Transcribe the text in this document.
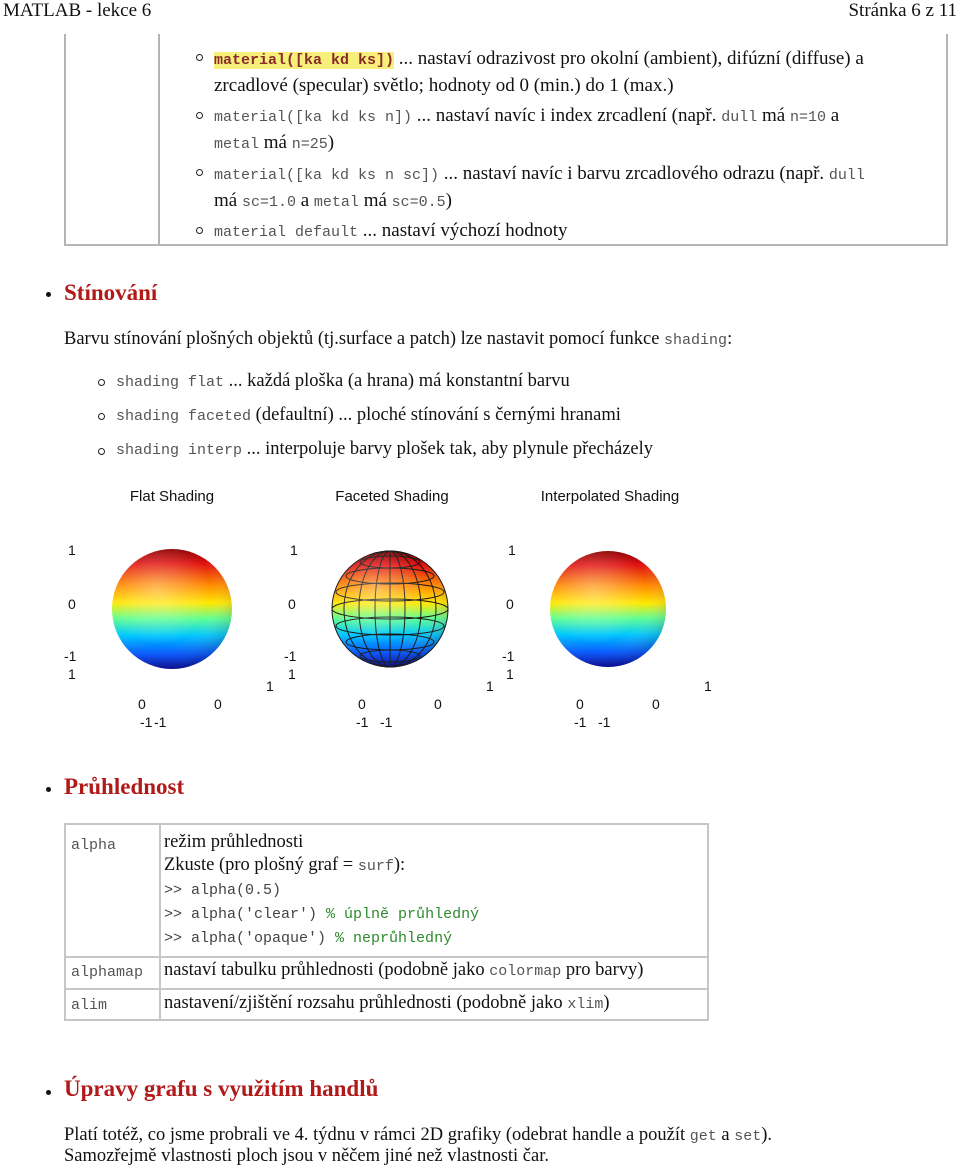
MATLAB - lekce 6	Stránka 6 z 11
material([ka kd ks]) ... nastaví odrazivost pro okolní (ambient), difúzní (diffuse) a
zrcadlové (specular) světlo; hodnoty od 0 (min.) do 1 (max.)
material([ka kd ks n]) ... nastaví navíc i index zrcadlení (např. dull má n=10 a
metal má n=25)
material([ka kd ks n sc]) ... nastaví navíc i barvu zrcadlového odrazu (např. dull
má sc=1.0 a metal má sc=0.5)
material default ... nastaví výchozí hodnoty
Stínování
Barvu stínování plošných objektů (tj.surface a patch) lze nastavit pomocí funkce shading:
shading flat ... každá ploška (a hrana) má konstantní barvu
shading faceted (defaultní) ... ploché stínování s černými hranami
shading interp ... interpoluje barvy plošek tak, aby plynule přecházely
Flat Shading
1
0
-1
1
0
-1
-1
0
1
Faceted Shading
1
0
-1
1
0
-1
-1
0
1
Interpolated Shading
1
0
-1
1
0
-1
-1
0
1
Průhlednost
alpha	režim průhlednosti
Zkuste (pro plošný graf = surf):
>> alpha(0.5)
>> alpha('clear') % úplně průhledný
>> alpha('opaque') % neprůhledný
alphamap nastaví tabulku průhlednosti (podobně jako colormap pro barvy)
alim	nastavení/zjištění rozsahu průhlednosti (podobně jako xlim)
Úpravy grafu s využitím handlů
Platí totéž, co jsme probrali ve 4. týdnu v rámci 2D grafiky (odebrat handle a použít get a set).
Samozřejmě vlastnosti ploch jsou v něčem jiné než vlastnosti čar.
